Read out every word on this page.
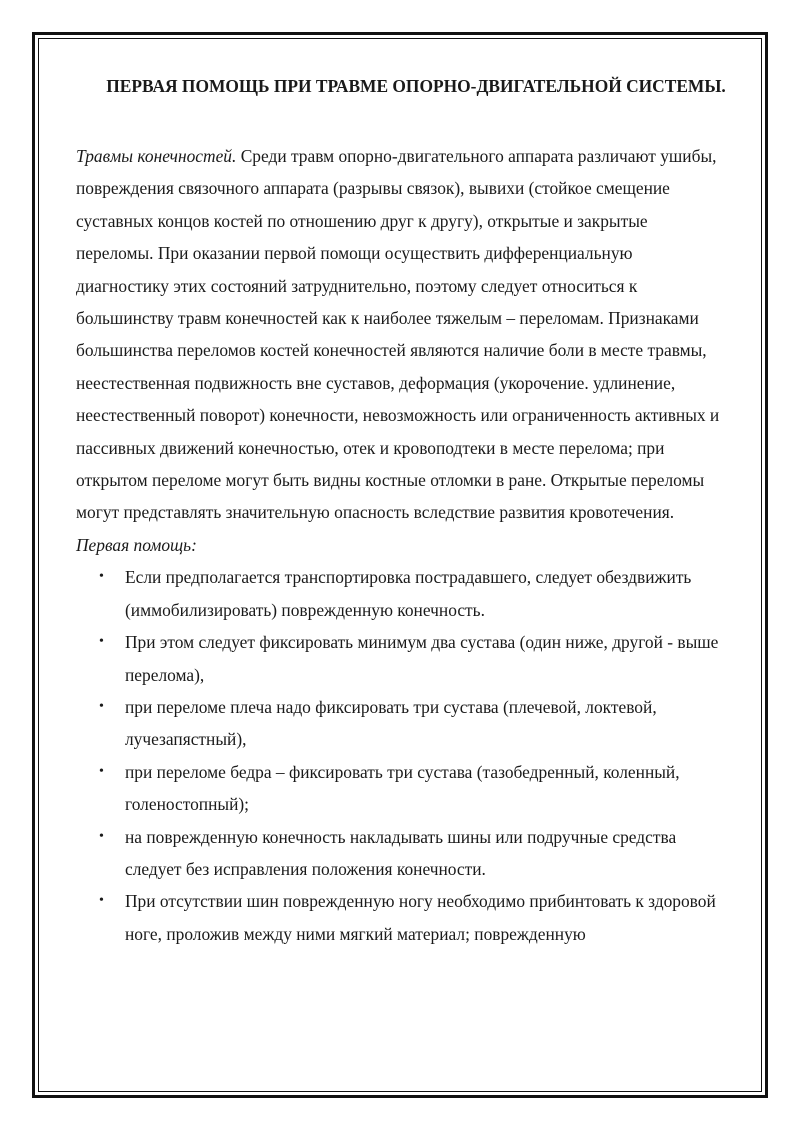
ПЕРВАЯ ПОМОЩЬ ПРИ ТРАВМЕ ОПОРНО-ДВИГАТЕЛЬНОЙ СИСТЕМЫ.

Травмы конечностей. Среди травм опорно-двигательного аппарата различают ушибы, повреждения связочного аппарата (разрывы связок), вывихи (стойкое смещение суставных концов костей по отношению друг к другу), открытые и закрытые переломы. При оказании первой помощи осуществить дифференциальную диагностику этих состояний затруднительно, поэтому следует относиться к большинству травм конечностей как к наиболее тяжелым – переломам. Признаками большинства переломов костей конечностей являются наличие боли в месте травмы, неестественная подвижность вне суставов, деформация (укорочение. удлинение, неестественный поворот) конечности, невозможность или ограниченность активных и пассивных движений конечностью, отек и кровоподтеки в месте перелома; при открытом переломе могут быть видны костные отломки в ране. Открытые переломы могут представлять значительную опасность вследствие развития кровотечения.

Первая помощь:

• Если предполагается транспортировка пострадавшего, следует обездвижить (иммобилизировать) поврежденную конечность.
• При этом следует фиксировать минимум два сустава (один ниже, другой - выше перелома),
• при переломе плеча надо фиксировать три сустава (плечевой, локтевой, лучезапястный),
• при переломе бедра – фиксировать три сустава (тазобедренный, коленный, голеностопный);
• на поврежденную конечность накладывать шины или подручные средства следует без исправления положения конечности.
• При отсутствии шин поврежденную ногу необходимо прибинтовать к здоровой ноге, проложив между ними мягкий материал; поврежденную
